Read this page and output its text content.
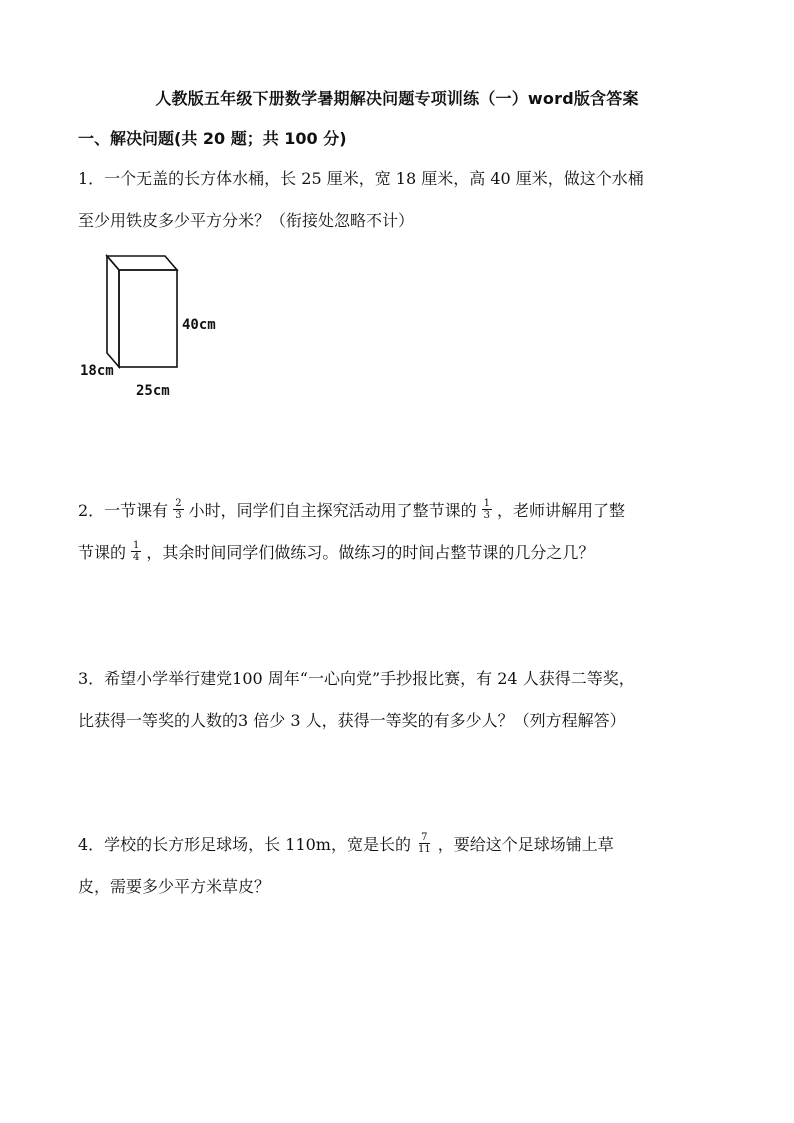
人教版五年级下册数学暑期解决问题专项训练（一）word版含答案
一、解决问题(共 20 题；共 100 分)
1．一个无盖的长方体水桶，长 25 厘米，宽 18 厘米，高 40 厘米，做这个水桶
至少用铁皮多少平方分米？（衔接处忽略不计）
40cm
18cm
25cm
2．一节课有 $\frac{2}{3}$ 小时，同学们自主探究活动用了整节课的 $\frac{1}{3}$ ，老师讲解用了整
节课的 $\frac{1}{4}$ ，其余时间同学们做练习。做练习的时间占整节课的几分之几？
3．希望小学举行建党100 周年“一心向党”手抄报比赛，有 24 人获得二等奖，
比获得一等奖的人数的3 倍少 3 人，获得一等奖的有多少人？（列方程解答）
4．学校的长方形足球场，长 110m，宽是长的 $\frac{7}{11}$ ，要给这个足球场铺上草
皮，需要多少平方米草皮？
